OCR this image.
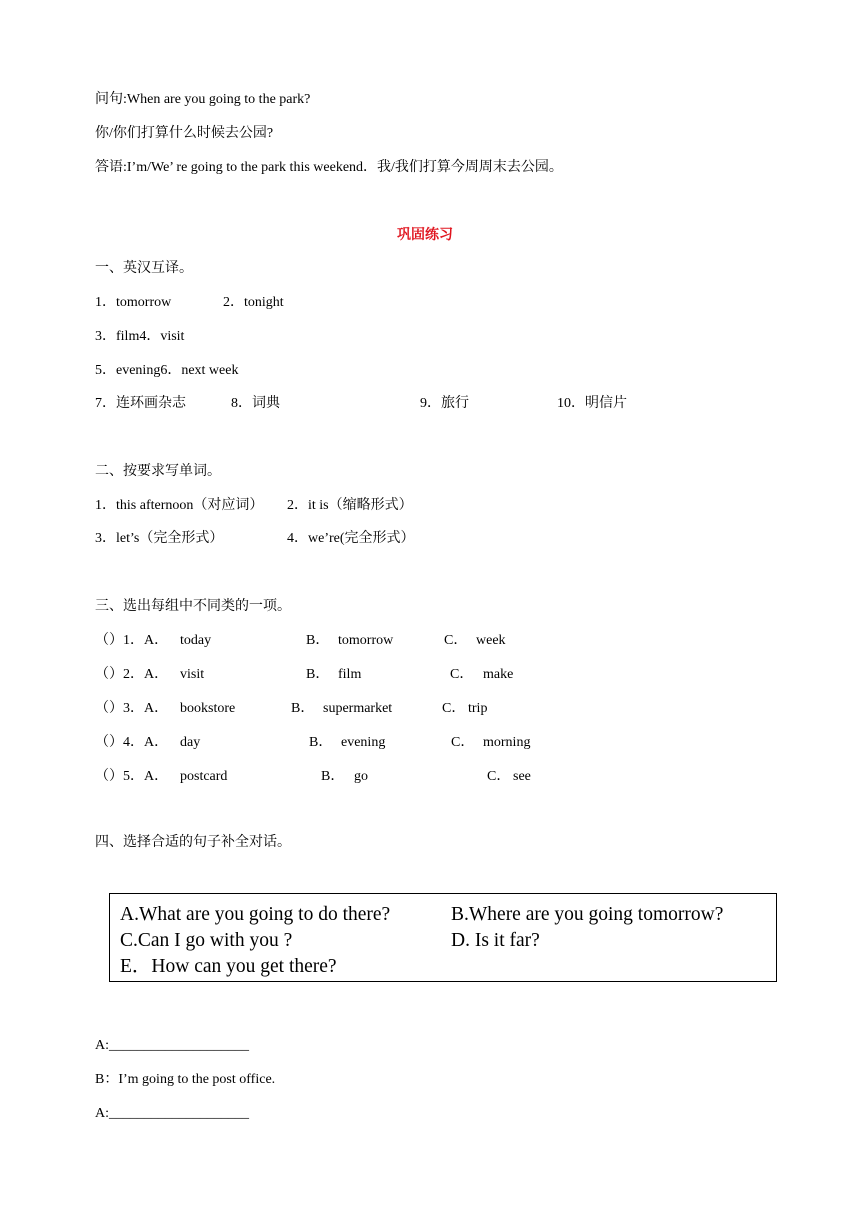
问句:When are you going to the park?
你/你们打算什么时候去公园?
答语:I’m/We’ re going to the park this weekend．我/我们打算今周周末去公园。
巩固练习
一、英汉互译。
1．tomorrow	2．tonight
3．film4．visit
5．evening6．next week
7．连环画杂志	8．词典	9．旅行	10．明信片
二、按要求写单词。
1．this afternoon（对应词） 2．it is（缩略形式）
3．let’s（完全形式）	4．we’re(完全形式）
三、选出每组中不同类的一项。
（）1．A． today	B． tomorrow	C． week
（）2．A． visit	B． film	C． make
（）3．A． bookstore	B． supermarket	C． trip
（）4．A． day	B． evening	C． morning
（）5．A． postcard	B． go	C． see
四、选择合适的句子补全对话。
A.What are you going to do there?	B.Where are you going tomorrow?
C.Can I go with you ?	D. Is it far?
E．How can you get there?
A:____________________
B：I’m going to the post office.
A:____________________
